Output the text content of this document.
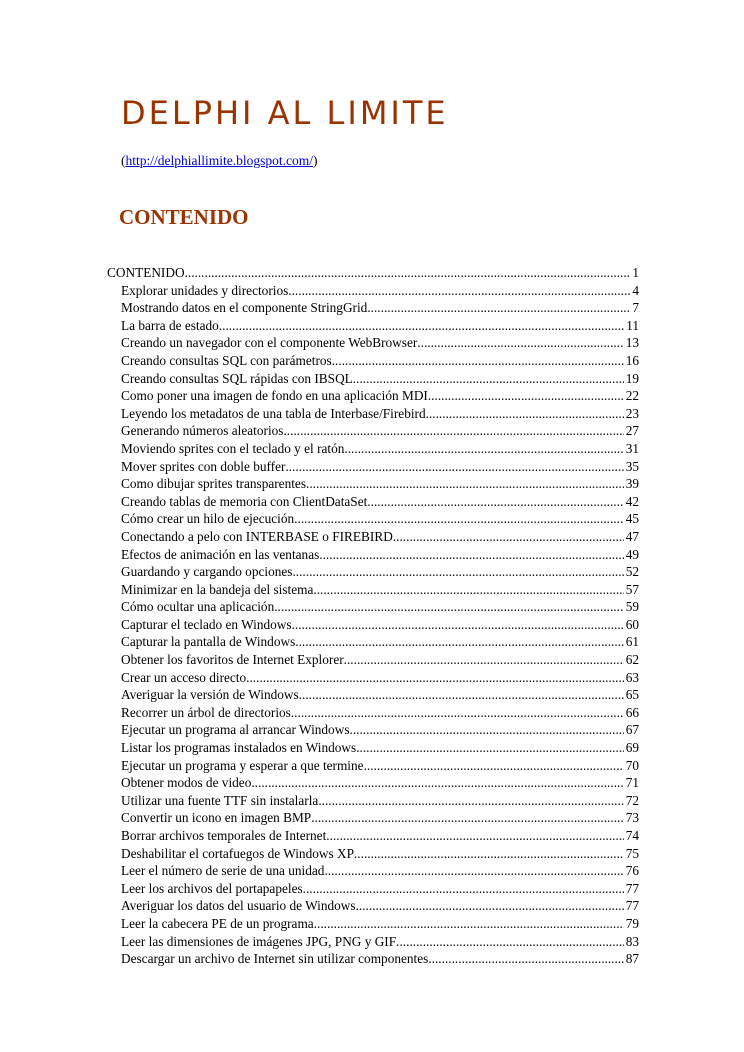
DELPHI AL LIMITE
(http://delphiallimite.blogspot.com/)
CONTENIDO
CONTENIDO .....	1
Explorar unidades y directorios .....	4
Mostrando datos en el componente StringGrid .....	7
La barra de estado .....	11
Creando un navegador con el componente WebBrowser .....	13
Creando consultas SQL con parámetros .....	16
Creando consultas SQL rápidas con IBSQL .....	19
Como poner una imagen de fondo en una aplicación MDI .....	22
Leyendo los metadatos de una tabla de Interbase/Firebird .....	23
Generando números aleatorios .....	27
Moviendo sprites con el teclado y el ratón .....	31
Mover sprites con doble buffer .....	35
Como dibujar sprites transparentes .....	39
Creando tablas de memoria con ClientDataSet .....	42
Cómo crear un hilo de ejecución .....	45
Conectando a pelo con INTERBASE o FIREBIRD .....	47
Efectos de animación en las ventanas .....	49
Guardando y cargando opciones .....	52
Minimizar en la bandeja del sistema .....	57
Cómo ocultar una aplicación .....	59
Capturar el teclado en Windows .....	60
Capturar la pantalla de Windows .....	61
Obtener los favoritos de Internet Explorer .....	62
Crear un acceso directo .....	63
Averiguar la versión de Windows .....	65
Recorrer un árbol de directorios .....	66
Ejecutar un programa al arrancar Windows .....	67
Listar los programas instalados en Windows .....	69
Ejecutar un programa y esperar a que termine .....	70
Obtener modos de video .....	71
Utilizar una fuente TTF sin instalarla .....	72
Convertir un icono en imagen BMP .....	73
Borrar archivos temporales de Internet .....	74
Deshabilitar el cortafuegos de Windows XP .....	75
Leer el número de serie de una unidad .....	76
Leer los archivos del portapapeles .....	77
Averiguar los datos del usuario de Windows .....	77
Leer la cabecera PE de un programa .....	79
Leer las dimensiones de imágenes JPG, PNG y GIF .....	83
Descargar un archivo de Internet sin utilizar componentes .....	87
